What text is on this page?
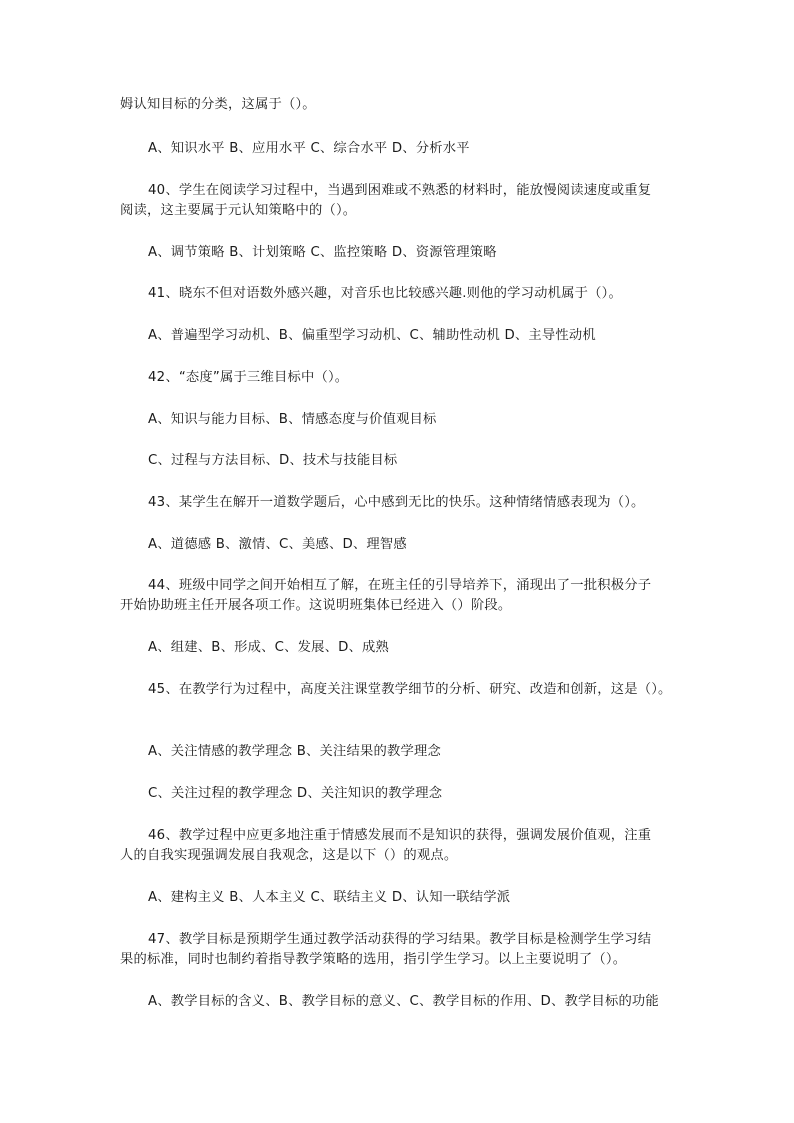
姆认知目标的分类，这属于（）。
A、知识水平 B、应用水平 C、综合水平 D、分析水平
40、学生在阅读学习过程中，当遇到困难或不熟悉的材料时，能放慢阅读速度或重复
阅读，这主要属于元认知策略中的（）。
A、调节策略 B、计划策略 C、监控策略 D、资源管理策略
41、晓东不但对语数外感兴趣，对音乐也比较感兴趣.则他的学习动机属于（）。
A、普遍型学习动机、B、偏重型学习动机、C、辅助性动机 D、主导性动机
42、“态度”属于三维目标中（）。
A、知识与能力目标、B、情感态度与价值观目标
C、过程与方法目标、D、技术与技能目标
43、某学生在解开一道数学题后，心中感到无比的快乐。这种情绪情感表现为（）。
A、道德感 B、激情、C、美感、D、理智感
44、班级中同学之间开始相互了解，在班主任的引导培养下，涌现出了一批积极分子
开始协助班主任开展各项工作。这说明班集体已经进入（）阶段。
A、组建、B、形成、C、发展、D、成熟
45、在教学行为过程中，高度关注课堂教学细节的分析、研究、改造和创新，这是（）。
A、关注情感的教学理念 B、关注结果的教学理念
C、关注过程的教学理念 D、关注知识的教学理念
46、教学过程中应更多地注重于情感发展而不是知识的获得，强调发展价值观，注重
人的自我实现强调发展自我观念，这是以下（）的观点。
A、建构主义 B、人本主义 C、联结主义 D、认知一联结学派
47、教学目标是预期学生通过教学活动获得的学习结果。教学目标是检测学生学习结
果的标准，同时也制约着指导教学策略的选用，指引学生学习。以上主要说明了（）。
A、教学目标的含义、B、教学目标的意义、C、教学目标的作用、D、教学目标的功能
